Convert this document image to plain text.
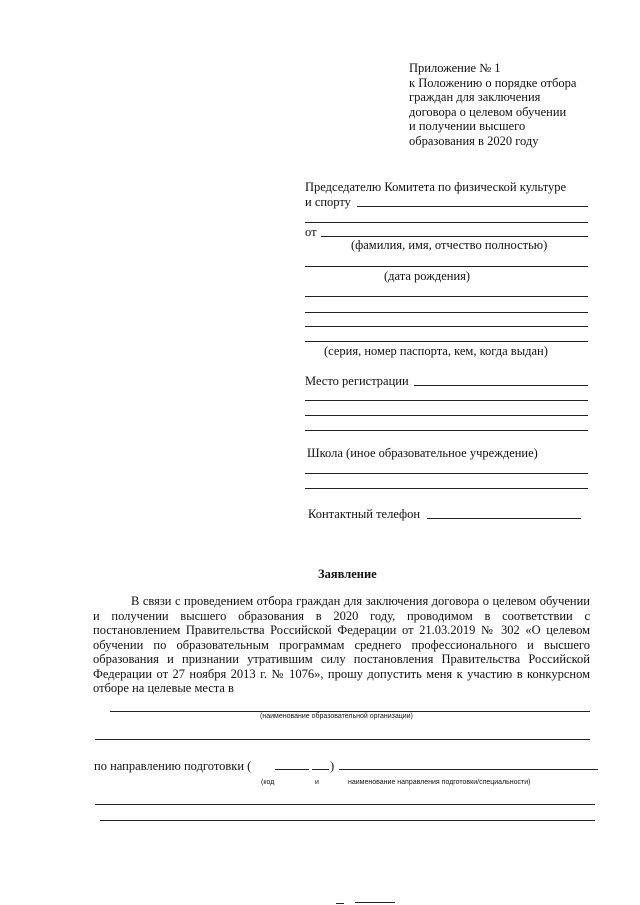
Приложение № 1
к Положению о порядке отбора
граждан для заключения
договора о целевом обучении
и получении высшего
образования в 2020 году
Председателю Комитета по физической культуре
и спорту
от
(фамилия, имя, отчество полностью)
(дата рождения)
(серия, номер паспорта, кем, когда выдан)
Место регистрации
Школа (иное образовательное учреждение)
Контактный телефон
Заявление
В связи с проведением отбора граждан для заключения договора о целевом обучении и получении высшего образования в 2020 году, проводимом в соответствии с постановлением Правительства Российской Федерации от 21.03.2019 № 302 «О целевом обучении по образовательным программам среднего профессионального и высшего образования и признании утратившим силу постановления Правительства Российской Федерации от 27 ноября 2013 г. № 1076», прошу допустить меня к участию в конкурсном отборе на целевые места в
(наименование образовательной организации)
по направлению подготовки (	)
(код	и	наименование направления подготовки/специальности)
